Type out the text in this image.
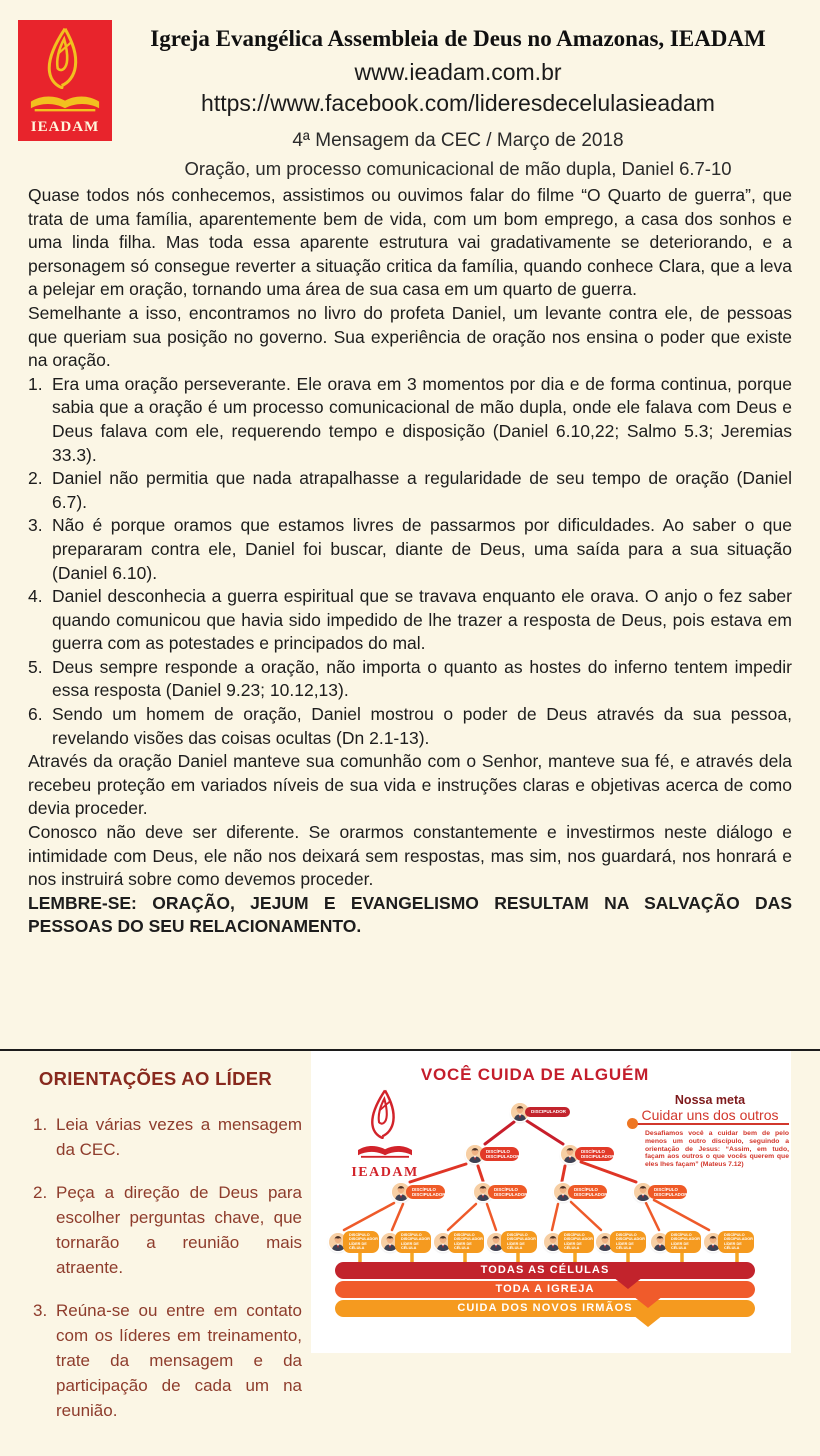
IEADAM
Igreja Evangélica Assembleia de Deus no Amazonas, IEADAM
www.ieadam.com.br
https://www.facebook.com/lideresdecelulasieadam
4ª Mensagem da CEC / Março de 2018
Oração, um processo comunicacional de mão dupla, Daniel 6.7-10

Quase todos nós conhecemos, assistimos ou ouvimos falar do filme “O Quarto de guerra”, que trata de uma família, aparentemente bem de vida, com um bom emprego, a casa dos sonhos e uma linda filha. Mas toda essa aparente estrutura vai gradativamente se deteriorando, e a personagem só consegue reverter a situação critica da família, quando conhece Clara, que a leva a pelejar em oração, tornando uma área de sua casa em um quarto de guerra.

Semelhante a isso, encontramos no livro do profeta Daniel, um levante contra ele, de pessoas que queriam sua posição no governo. Sua experiência de oração nos ensina o poder que existe na oração.

1. Era uma oração perseverante. Ele orava em 3 momentos por dia e de forma continua, porque sabia que a oração é um processo comunicacional de mão dupla, onde ele falava com Deus e Deus falava com ele, requerendo tempo e disposição (Daniel 6.10,22; Salmo 5.3; Jeremias 33.3).
2. Daniel não permitia que nada atrapalhasse a regularidade de seu tempo de oração (Daniel 6.7).
3. Não é porque oramos que estamos livres de passarmos por dificuldades. Ao saber o que prepararam contra ele, Daniel foi buscar, diante de Deus, uma saída para a sua situação (Daniel 6.10).
4. Daniel desconhecia a guerra espiritual que se travava enquanto ele orava. O anjo o fez saber quando comunicou que havia sido impedido de lhe trazer a resposta de Deus, pois estava em guerra com as potestades e principados do mal.
5. Deus sempre responde a oração, não importa o quanto as hostes do inferno tentem impedir essa resposta (Daniel 9.23; 10.12,13).
6. Sendo um homem de oração, Daniel mostrou o poder de Deus através da sua pessoa, revelando visões das coisas ocultas (Dn 2.1-13).

Através da oração Daniel manteve sua comunhão com o Senhor, manteve sua fé, e através dela recebeu proteção em variados níveis de sua vida e instruções claras e objetivas acerca de como devia proceder.

Conosco não deve ser diferente. Se orarmos constantemente e investirmos neste diálogo e intimidade com Deus, ele não nos deixará sem respostas, mas sim, nos guardará, nos honrará e nos instruirá sobre como devemos proceder.

LEMBRE-SE: ORAÇÃO, JEJUM E EVANGELISMO RESULTAM NA SALVAÇÃO DAS PESSOAS DO SEU RELACIONAMENTO.

ORIENTAÇÕES AO LÍDER
1. Leia várias vezes a mensagem da CEC.
2. Peça a direção de Deus para escolher perguntas chave, que tornarão a reunião mais atraente.
3. Reúna-se ou entre em contato com os líderes em treinamento, trate da mensagem e da participação de cada um na reunião.
VOCÊ CUIDA DE ALGUÉM

IEADAM
DISCIPULADOR
DISCÍPULO DISCIPULADOR
DISCÍPULO DISCIPULADOR
DISCÍPULO DISCIPULADOR
DISCÍPULO DISCIPULADOR
DISCÍPULO DISCIPULADOR
DISCÍPULO DISCIPULADOR
DISCÍPULO DISCIPULADOR LÍDER DE CÉLULA
DISCÍPULO DISCIPULADOR LÍDER DE CÉLULA
DISCÍPULO DISCIPULADOR LÍDER DE CÉLULA
DISCÍPULO DISCIPULADOR LÍDER DE CÉLULA
DISCÍPULO DISCIPULADOR LÍDER DE CÉLULA
DISCÍPULO DISCIPULADOR LÍDER DE CÉLULA
DISCÍPULO DISCIPULADOR LÍDER DE CÉLULA
DISCÍPULO DISCIPULADOR LÍDER DE CÉLULA
Nossa meta
Cuidar uns dos outros
Desafiamos você a cuidar bem de pelo menos um outro discípulo, seguindo a orientação de Jesus: “Assim, em tudo, façam aos outros o que vocês querem que eles lhes façam” (Mateus 7.12)
TODAS AS CÉLULAS
TODA A IGREJA
CUIDA DOS NOVOS IRMÃOS
